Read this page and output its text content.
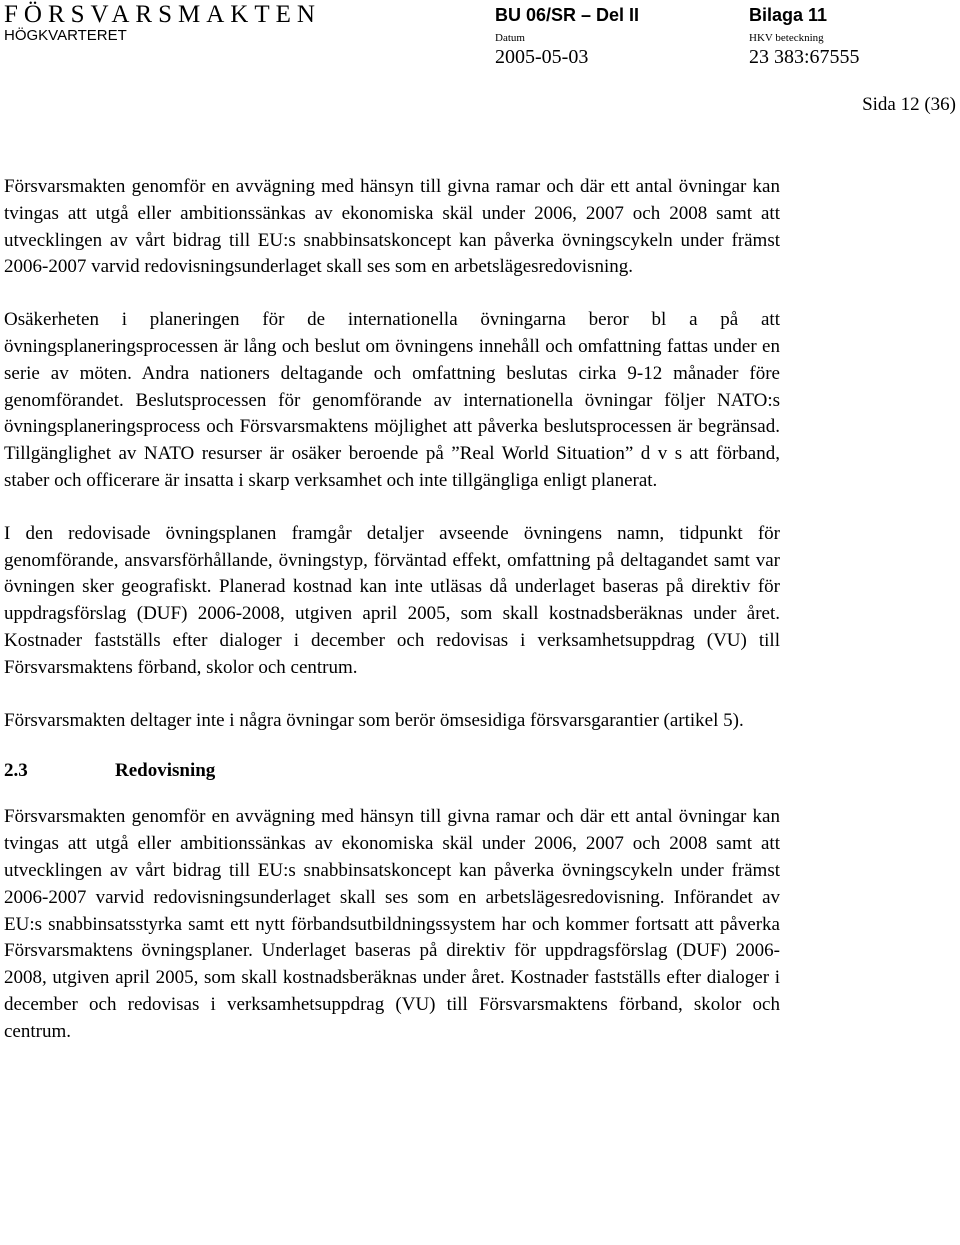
FÖRSVARSMAKTEN
HÖGKVARTERET
BU 06/SR – Del II	Bilaga 11
Datum	HKV beteckning
2005-05-03	23 383:67555
Sida 12 (36)

Försvarsmakten genomför en avvägning med hänsyn till givna ramar och där ett antal övningar kan tvingas att utgå eller ambitionssänkas av ekonomiska skäl under 2006, 2007 och 2008 samt att utvecklingen av vårt bidrag till EU:s snabbinsatskoncept kan påverka övningscykeln under främst 2006-2007 varvid redovisningsunderlaget skall ses som en arbetslägesredovisning.

Osäkerheten i planeringen för de internationella övningarna beror bl a på att övningsplaneringsprocessen är lång och beslut om övningens innehåll och omfattning fattas under en serie av möten. Andra nationers deltagande och omfattning beslutas cirka 9-12 månader före genomförandet. Beslutsprocessen för genomförande av internationella övningar följer NATO:s övningsplaneringsprocess och Försvarsmaktens möjlighet att påverka beslutsprocessen är begränsad. Tillgänglighet av NATO resurser är osäker beroende på ”Real World Situation” d v s att förband, staber och officerare är insatta i skarp verksamhet och inte tillgängliga enligt planerat.

I den redovisade övningsplanen framgår detaljer avseende övningens namn, tidpunkt för genomförande, ansvarsförhållande, övningstyp, förväntad effekt, omfattning på deltagandet samt var övningen sker geografiskt. Planerad kostnad kan inte utläsas då underlaget baseras på direktiv för uppdragsförslag (DUF) 2006-2008, utgiven april 2005, som skall kostnadsberäknas under året. Kostnader fastställs efter dialoger i december och redovisas i verksamhetsuppdrag (VU) till Försvarsmaktens förband, skolor och centrum.

Försvarsmakten deltager inte i några övningar som berör ömsesidiga försvarsgarantier (artikel 5).

2.3	Redovisning

Försvarsmakten genomför en avvägning med hänsyn till givna ramar och där ett antal övningar kan tvingas att utgå eller ambitionssänkas av ekonomiska skäl under 2006, 2007 och 2008 samt att utvecklingen av vårt bidrag till EU:s snabbinsatskoncept kan påverka övningscykeln under främst 2006-2007 varvid redovisningsunderlaget skall ses som en arbetslägesredovisning. Införandet av EU:s snabbinsatsstyrka samt ett nytt förbandsutbildningssystem har och kommer fortsatt att påverka Försvarsmaktens övningsplaner. Underlaget baseras på direktiv för uppdragsförslag (DUF) 2006-2008, utgiven april 2005, som skall kostnadsberäknas under året. Kostnader fastställs efter dialoger i december och redovisas i verksamhetsuppdrag (VU) till Försvarsmaktens förband, skolor och centrum.
